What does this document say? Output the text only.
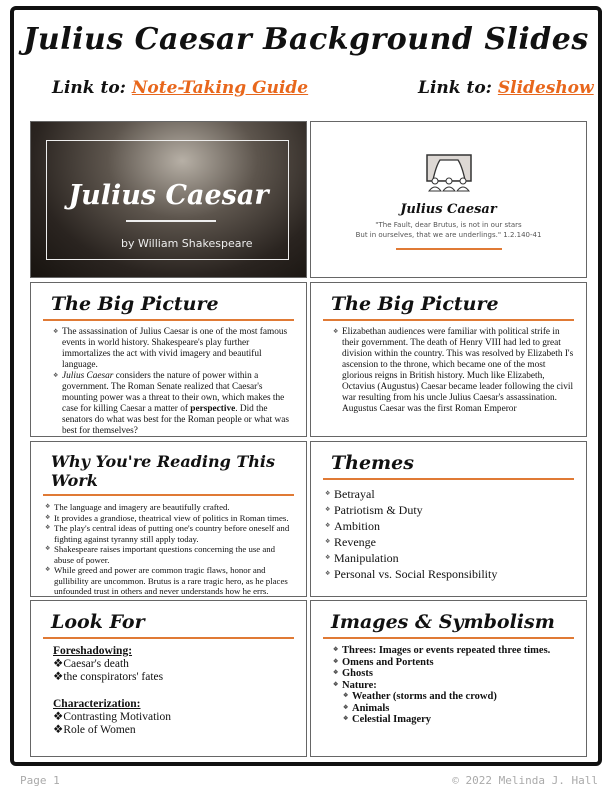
Julius Caesar Background Slides
Link to: Note-Taking Guide	Link to: Slideshow
Julius Caesar
by William Shakespeare
Julius Caesar
"The Fault, dear Brutus, is not in our stars
But in ourselves, that we are underlings." 1.2.140-41
The Big Picture
❖ The assassination of Julius Caesar is one of the most famous events in world history. Shakespeare's play further immortalizes the act with vivid imagery and beautiful language.
❖ Julius Caesar considers the nature of power within a government. The Roman Senate realized that Caesar's mounting power was a threat to their own, which makes the case for killing Caesar a matter of perspective. Did the senators do what was best for the Roman people or what was best for themselves?
The Big Picture
❖ Elizabethan audiences were familiar with political strife in their government. The death of Henry VIII had led to great division within the country. This was resolved by Elizabeth I's ascension to the throne, which became one of the most glorious reigns in British history. Much like Elizabeth, Octavius (Augustus) Caesar became leader following the civil war resulting from his uncle Julius Caesar's assassination. Augustus Caesar was the first Roman Emperor
Why You're Reading This Work
❖ The language and imagery are beautifully crafted.
❖ It provides a grandiose, theatrical view of politics in Roman times.
❖ The play's central ideas of putting one's country before oneself and fighting against tyranny still apply today.
❖ Shakespeare raises important questions concerning the use and abuse of power.
❖ While greed and power are common tragic flaws, honor and gullibility are uncommon. Brutus is a rare tragic hero, as he places unfounded trust in others and never understands how he errs.
Themes
❖ Betrayal
❖ Patriotism & Duty
❖ Ambition
❖ Revenge
❖ Manipulation
❖ Personal vs. Social Responsibility
Look For
Foreshadowing:
❖Caesar's death
❖the conspirators' fates
Characterization:
❖Contrasting Motivation
❖Role of Women
Images & Symbolism
❖ Threes: Images or events repeated three times.
❖ Omens and Portents
❖ Ghosts
❖ Nature:
❖ Weather (storms and the crowd)
❖ Animals
❖ Celestial Imagery
Page 1	© 2022 Melinda J. Hall
